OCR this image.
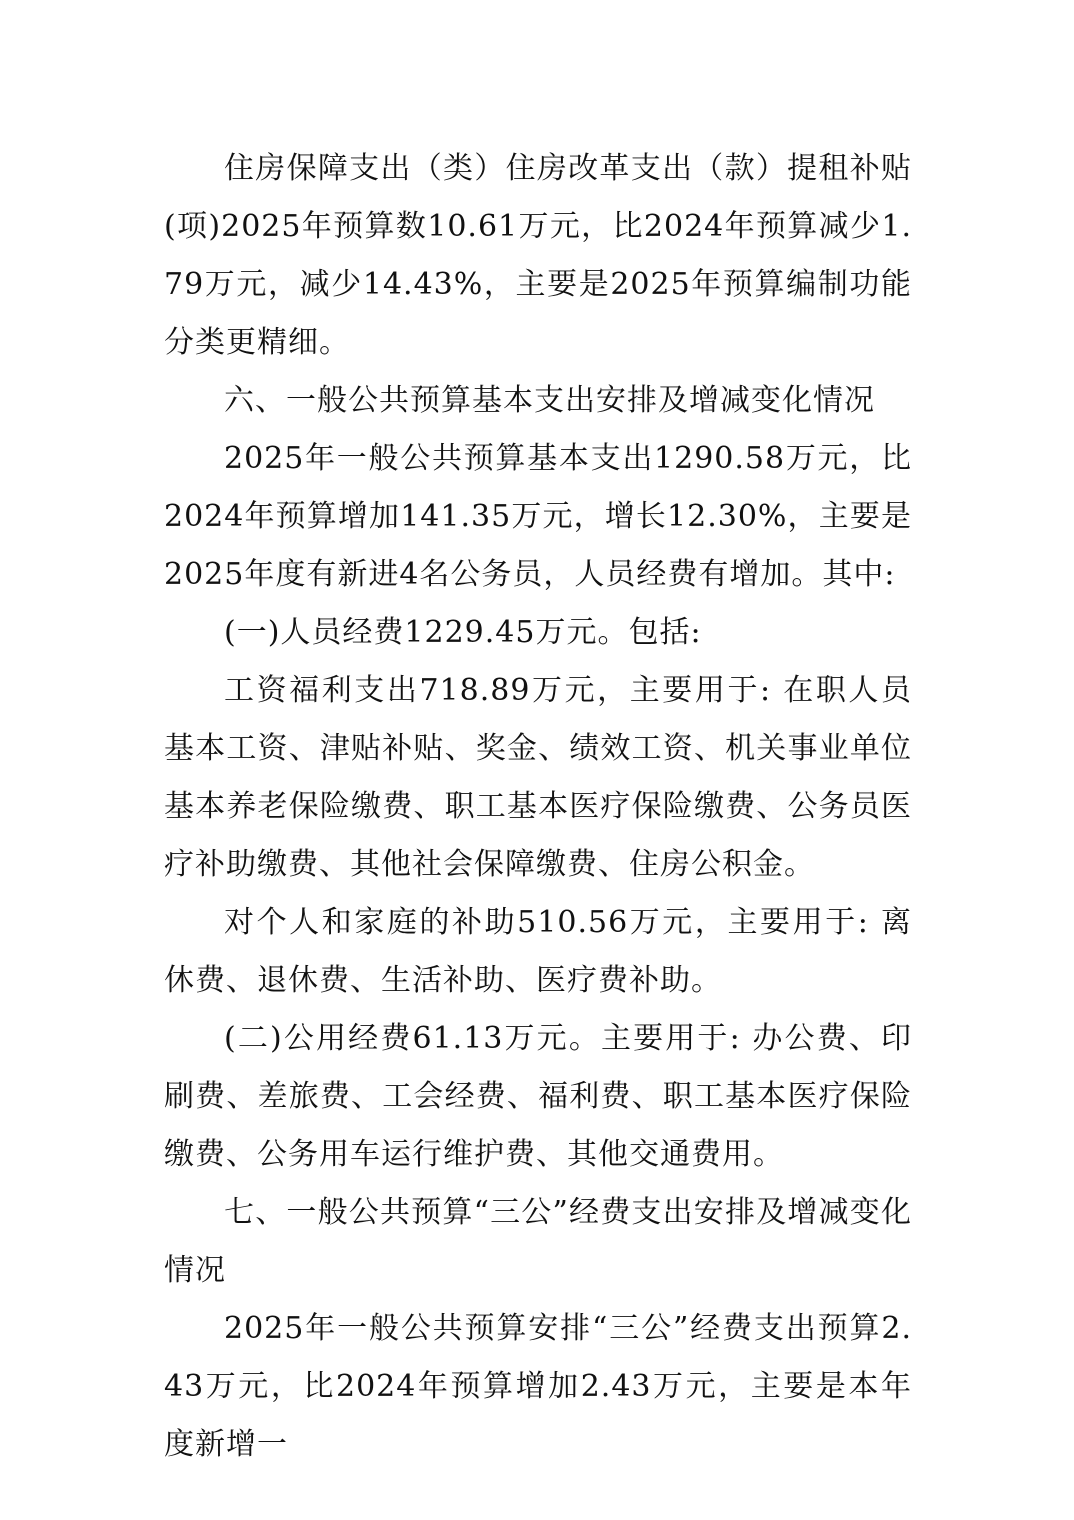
住房保障支出（类）住房改革支出（款）提租补贴(项)2025年预算数10.61万元，比2024年预算减少1.79万元，减少14.43%，主要是2025年预算编制功能分类更精细。

六、一般公共预算基本支出安排及增减变化情况

2025年一般公共预算基本支出1290.58万元，比2024年预算增加141.35万元，增长12.30%，主要是2025年度有新进4名公务员，人员经费有增加。其中:

(一)人员经费1229.45万元。包括:

工资福利支出718.89万元，主要用于: 在职人员基本工资、津贴补贴、奖金、绩效工资、机关事业单位基本养老保险缴费、职工基本医疗保险缴费、公务员医疗补助缴费、其他社会保障缴费、住房公积金。

对个人和家庭的补助510.56万元，主要用于: 离休费、退休费、生活补助、医疗费补助。

(二)公用经费61.13万元。主要用于: 办公费、印刷费、差旅费、工会经费、福利费、职工基本医疗保险缴费、公务用车运行维护费、其他交通费用。

七、一般公共预算“三公”经费支出安排及增减变化情况

2025年一般公共预算安排“三公”经费支出预算2.43万元，比2024年预算增加2.43万元，主要是本年度新增一
